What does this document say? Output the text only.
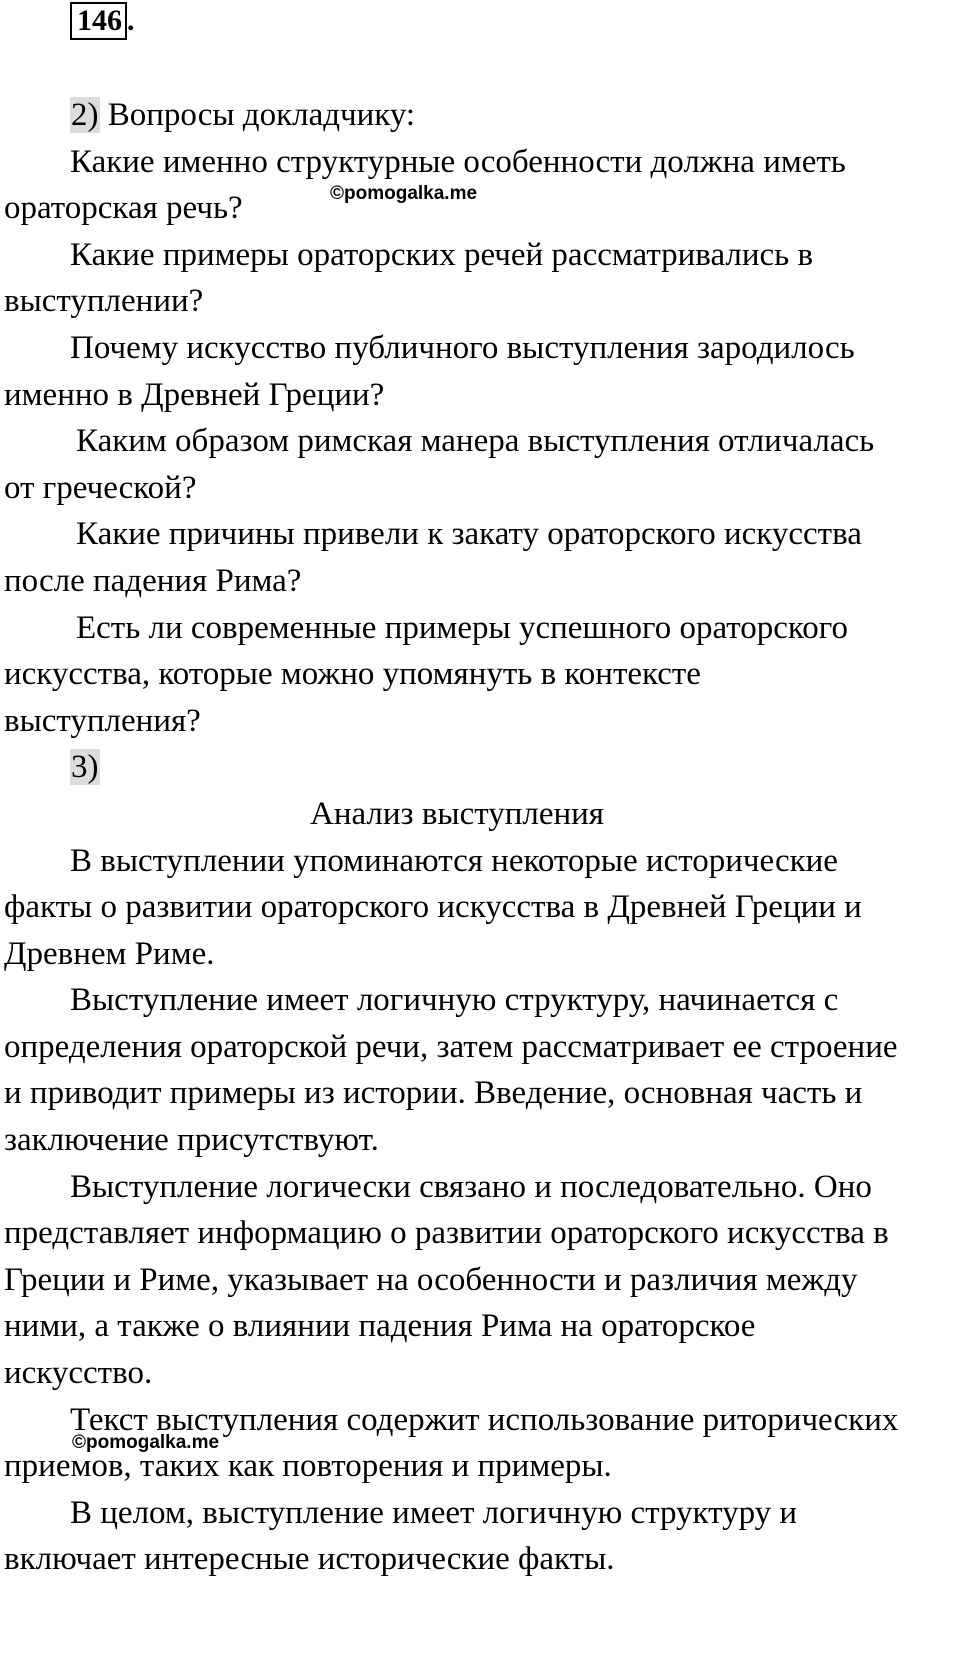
146 .

2) Вопросы докладчику:

Какие именно структурные особенности должна иметь ораторская речь?

Какие примеры ораторских речей рассматривались в выступлении?

Почему искусство публичного выступления зародилось именно в Древней Греции?

Каким образом римская манера выступления отличалась от греческой?

Какие причины привели к закату ораторского искусства после падения Рима?

Есть ли современные примеры успешного ораторского искусства, которые можно упомянуть в контексте выступления?

3)

Анализ выступления

В выступлении упоминаются некоторые исторические факты о развитии ораторского искусства в Древней Греции и Древнем Риме.

Выступление имеет логичную структуру, начинается с определения ораторской речи, затем рассматривает ее строение и приводит примеры из истории. Введение, основная часть и заключение присутствуют.

Выступление логически связано и последовательно. Оно представляет информацию о развитии ораторского искусства в Греции и Риме, указывает на особенности и различия между ними, а также о влиянии падения Рима на ораторское искусство.

Текст выступления содержит использование риторических приемов, таких как повторения и примеры.

В целом, выступление имеет логичную структуру и включает интересные исторические факты.

©pomogalka.me
©pomogalka.me
